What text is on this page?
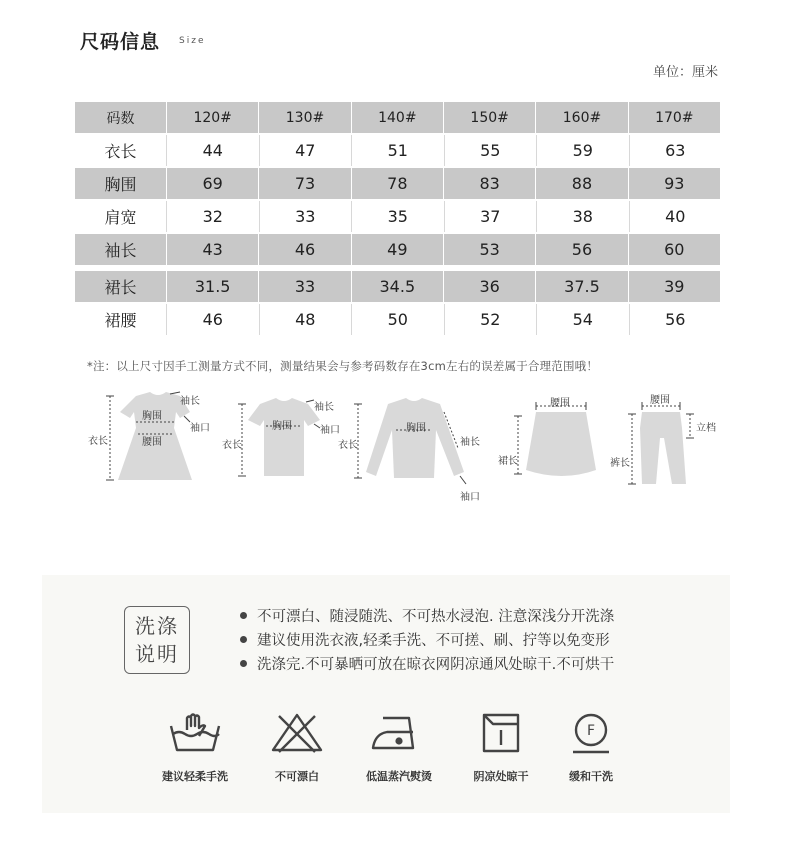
尺码信息 Size
单位：厘米
码数	120#	130#	140#	150#	160#	170#
衣长	44	47	51	55	59	63
胸围	69	73	78	83	88	93
肩宽	32	33	35	37	38	40
袖长	43	46	49	53	56	60
裙长	31.5	33	34.5	36	37.5	39
裙腰	46	48	50	52	54	56
*注：以上尺寸因手工测量方式不同，测量结果会与参考码数存在3cm左右的误差属于合理范围哦！
袖长
胸围
袖口
腰围
衣长
袖长
胸围	袖口
衣长
胸围
袖长
衣长
袖口
腰围
裙长
腰围
裤长
立档
洗涤
说明
不可漂白、随浸随洗、不可热水浸泡. 注意深浅分开洗涤
建议使用洗衣液,轻柔手洗、不可搓、刷、拧等以免变形
洗涤完.不可暴晒可放在晾衣网阴凉通风处晾干.不可烘干
建议轻柔手洗	不可漂白	低温蒸汽熨烫	阴凉处晾干
F
缓和干洗
